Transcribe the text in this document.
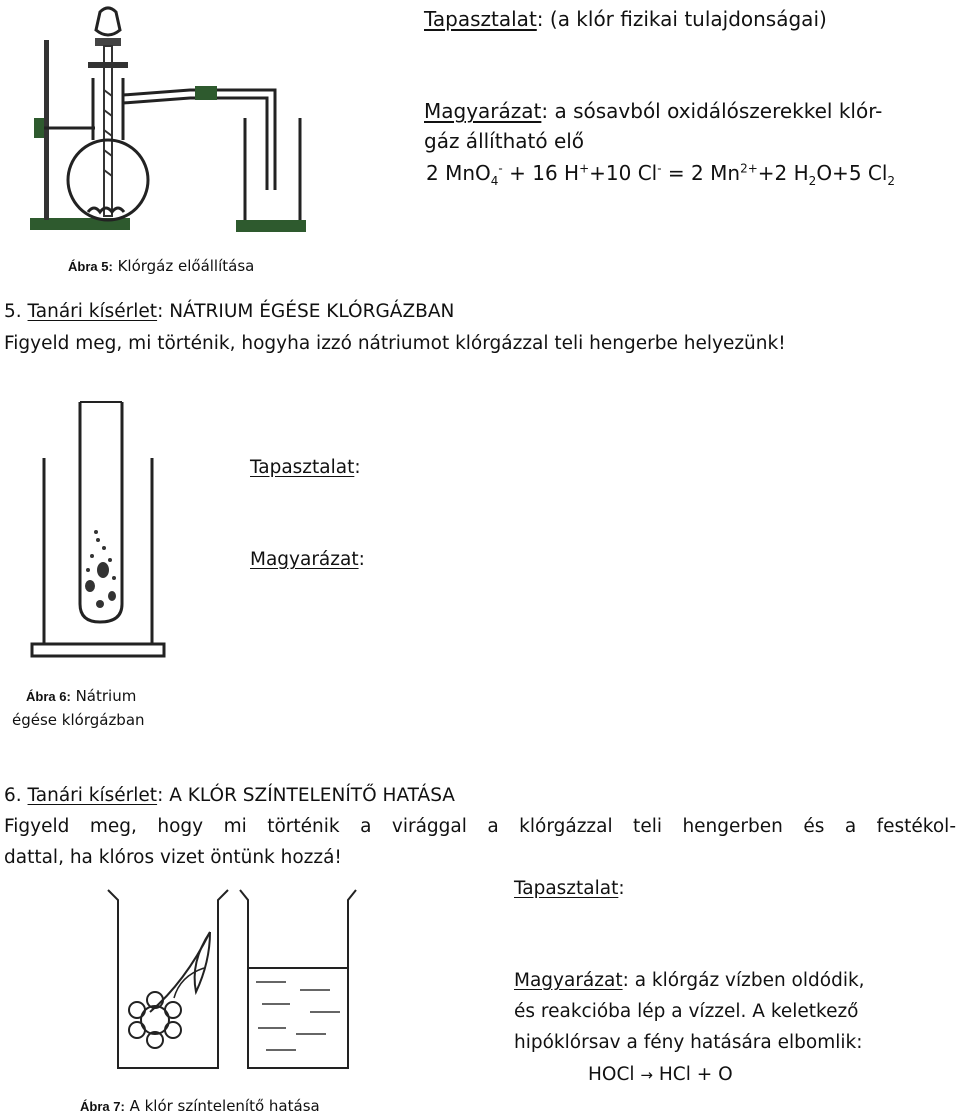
Tapasztalat: (a klór fizikai tulajdonságai)
Magyarázat: a sósavból oxidálószerekkel klór-
gáz állítható elő
2 MnO$_4$- + 16 H++10 Cl- = 2 $Mn^{2+}+2$ $H_2O+5$ $Cl_2$
Ábra 5: Klórgáz előállítása
5. Tanári kísérlet: NÁTRIUM ÉGÉSE KLÓRGÁZBAN
Figyeld meg, mi történik, hogyha izzó nátriumot klórgázzal teli hengerbe helyezünk!
Tapasztalat:
Magyarázat:
Ábra 6: Nátrium
égése klórgázban
6. Tanári kísérlet: A KLÓR SZÍNTELENÍTŐ HATÁSA
Figyeld meg, hogy mi történik a virággal a klórgázzal teli hengerben és a festékol-
dattal, ha klóros vizet öntünk hozzá!
Tapasztalat:
Magyarázat: a klórgáz vízben oldódik,
és reakcióba lép a vízzel. A keletkező
hipóklórsav a fény hatására elbomlik:
HOCl → HCl + O
Ábra 7: A klór színtelenítő hatása
